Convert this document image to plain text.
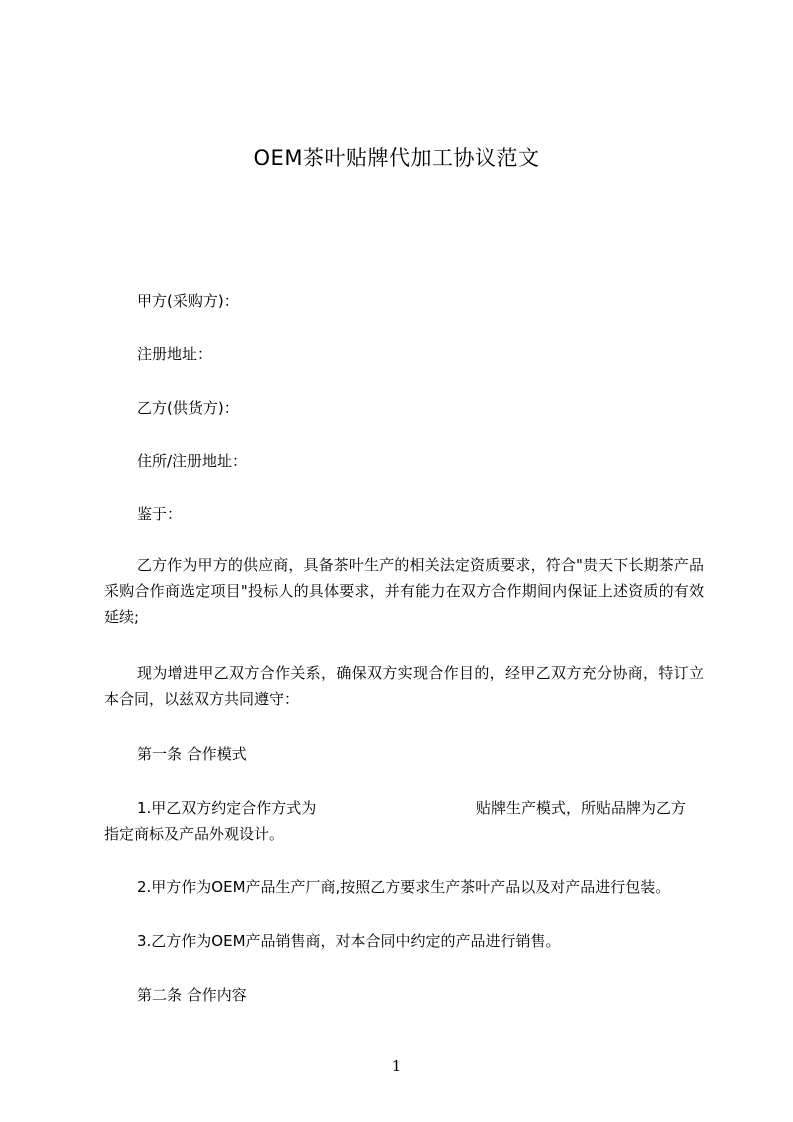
OEM茶叶贴牌代加工协议范文
甲方(采购方)：
注册地址：
乙方(供货方)：
住所/注册地址：
鉴于：
乙方作为甲方的供应商，具备茶叶生产的相关法定资质要求，符合"贵天下长期茶产品采购合作商选定项目"投标人的具体要求，并有能力在双方合作期间内保证上述资质的有效延续;
现为增进甲乙双方合作关系，确保双方实现合作目的，经甲乙双方充分协商，特订立本合同，以兹双方共同遵守：
第一条 合作模式
1.甲乙双方约定合作方式为	贴牌生产模式，所贴品牌为乙方
指定商标及产品外观设计。
2.甲方作为OEM产品生产厂商,按照乙方要求生产茶叶产品以及对产品进行包装。
3.乙方作为OEM产品销售商，对本合同中约定的产品进行销售。
第二条 合作内容
1
